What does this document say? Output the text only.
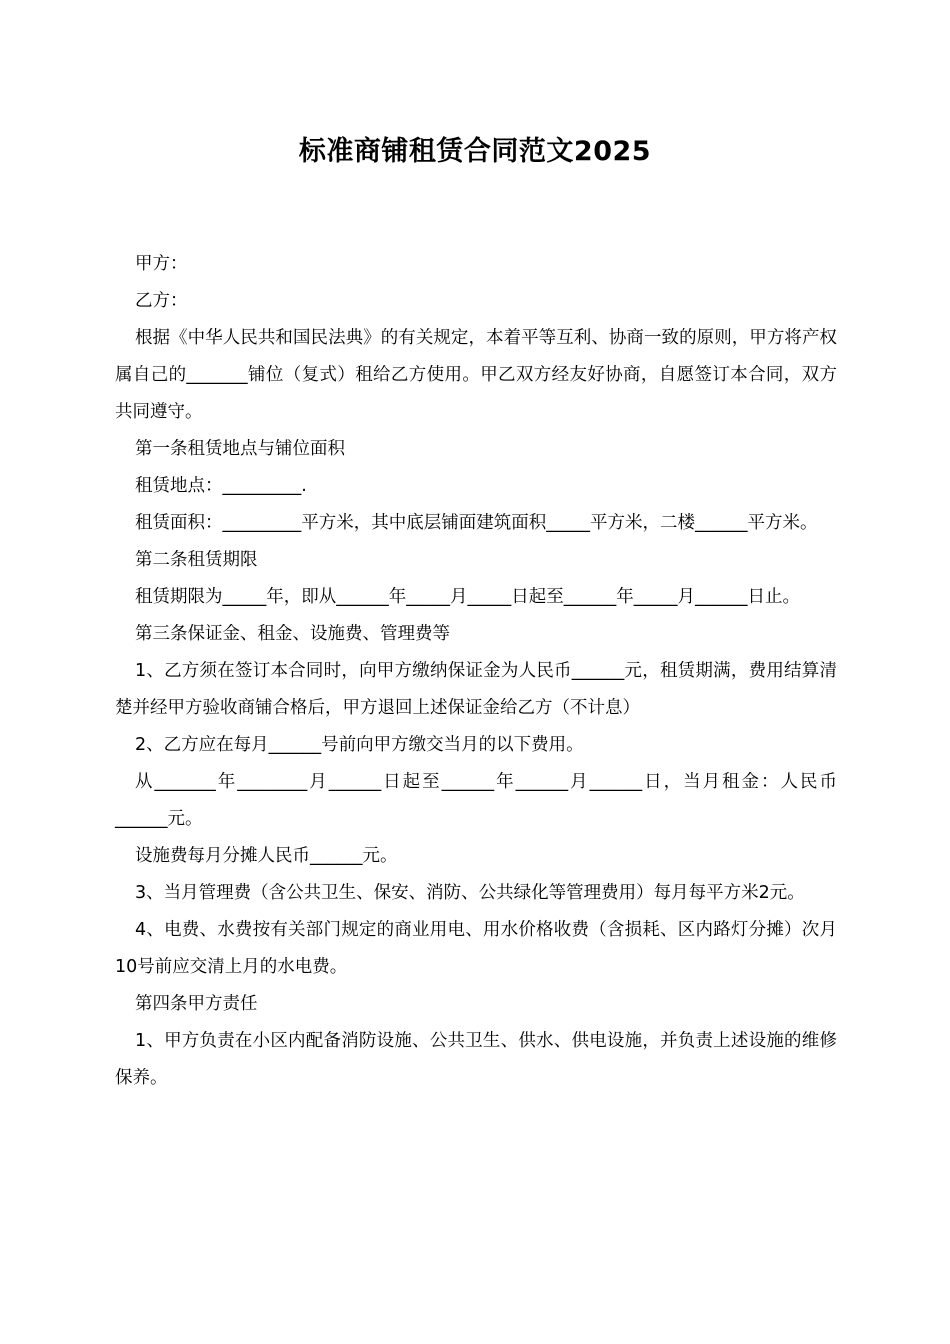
标准商铺租赁合同范文2025

甲方：

乙方：

根据《中华人民共和国民法典》的有关规定，本着平等互利、协商一致的原则，甲方将产权属自己的_______铺位（复式）租给乙方使用。甲乙双方经友好协商，自愿签订本合同，双方共同遵守。

第一条租赁地点与铺位面积

租赁地点：_________.

租赁面积：_________平方米，其中底层铺面建筑面积_____平方米，二楼______平方米。

第二条租赁期限

租赁期限为_____年，即从______年_____月_____日起至______年_____月______日止。

第三条保证金、租金、设施费、管理费等

1、乙方须在签订本合同时，向甲方缴纳保证金为人民币______元，租赁期满，费用结算清楚并经甲方验收商铺合格后，甲方退回上述保证金给乙方（不计息）

2、乙方应在每月______号前向甲方缴交当月的以下费用。

从_______年________月______日起至______年______月______日，当月租金：人民币______元。

设施费每月分摊人民币______元。

3、当月管理费（含公共卫生、保安、消防、公共绿化等管理费用）每月每平方米2元。

4、电费、水费按有关部门规定的商业用电、用水价格收费（含损耗、区内路灯分摊）次月10号前应交清上月的水电费。

第四条甲方责任

1、甲方负责在小区内配备消防设施、公共卫生、供水、供电设施，并负责上述设施的维修保养。
